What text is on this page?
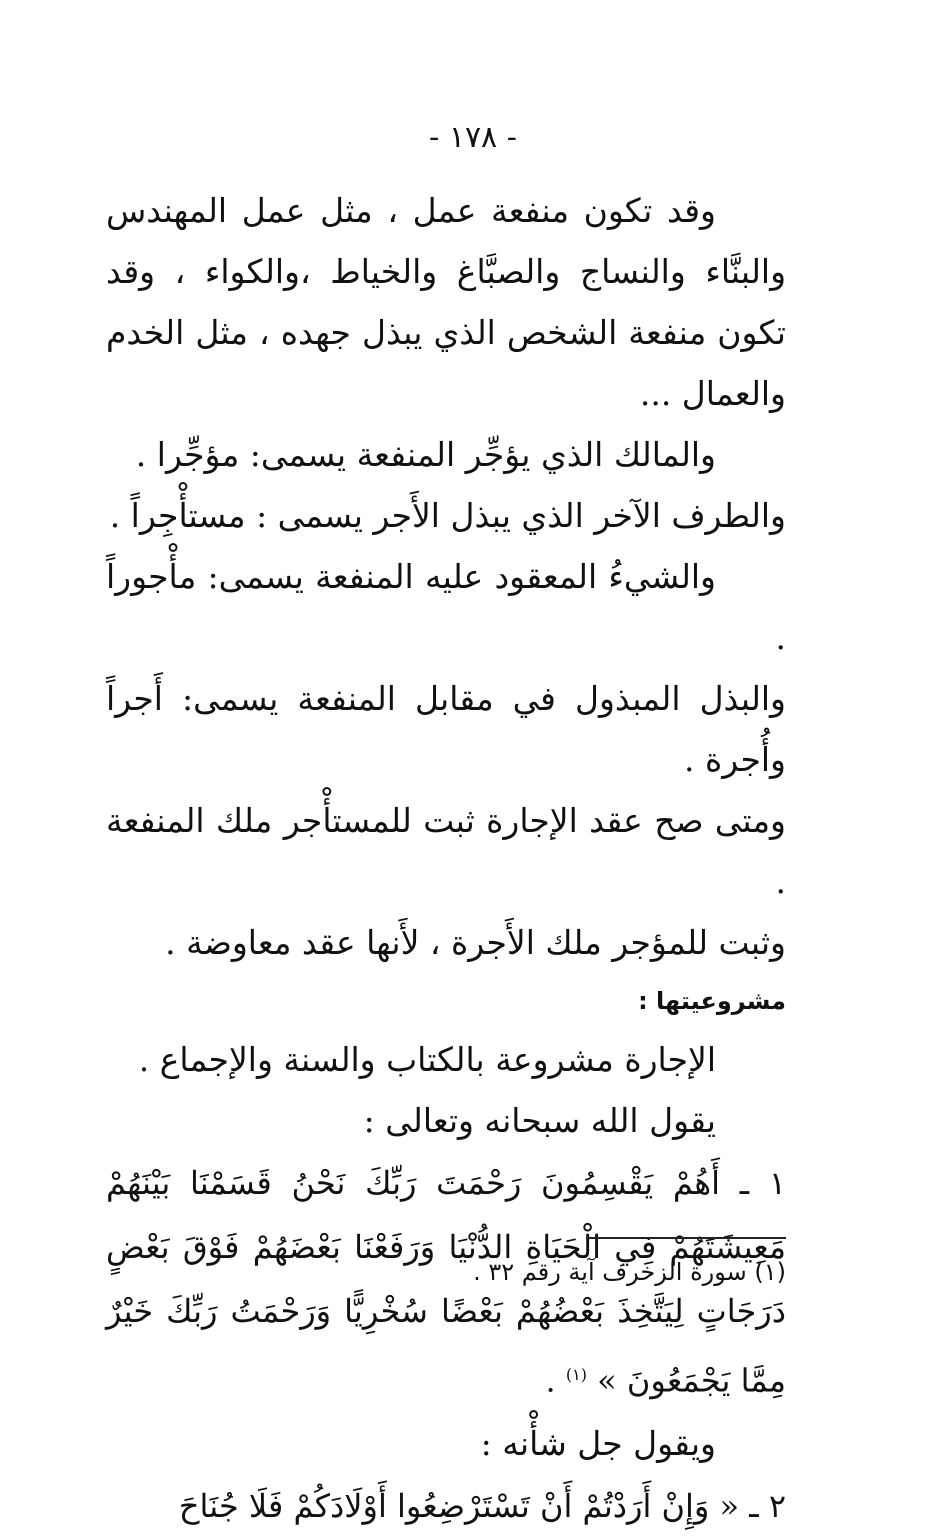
- ١٧٨ -

وقد تكون منفعة عمل ، مثل عمل المهندس والبنَّاء والنساج والصبَّاغ والخياط ،والكواء ، وقد تكون منفعة الشخص الذي يبذل جهده ، مثل الخدم والعمال ...

والمالك الذي يؤجِّر المنفعة يسمى: مؤجِّرا .

والطرف الآخر الذي يبذل الأَجر يسمى : مستأْجِراً .

والشيءُ المعقود عليه المنفعة يسمى: مأْجوراً .

والبذل المبذول في مقابل المنفعة يسمى: أَجراً وأُجرة .

ومتى صح عقد الإجارة ثبت للمستأْجر ملك المنفعة .

وثبت للمؤجر ملك الأَجرة ، لأَنها عقد معاوضة .

مشروعيتها :

الإجارة مشروعة بالكتاب والسنة والإجماع .

يقول الله سبحانه وتعالى :

١ ـ أَهُمْ يَقْسِمُونَ رَحْمَتَ رَبِّكَ نَحْنُ قَسَمْنَا بَيْنَهُمْ مَعِيشَتَهُمْ فِي الْحَيَاةِ الدُّنْيَا وَرَفَعْنَا بَعْضَهُمْ فَوْقَ بَعْضٍ دَرَجَاتٍ لِيَتَّخِذَ بَعْضُهُمْ بَعْضًا سُخْرِيًّا وَرَحْمَتُ رَبِّكَ خَيْرٌ مِمَّا يَجْمَعُونَ » $^{(١)}$ .

ويقول جل شأْنه :

٢ ـ « وَإِنْ أَرَدْتُمْ أَنْ تَسْتَرْضِعُوا أَوْلَادَكُمْ فَلَا جُنَاحَ

(١) سورة الزخرف آية رقم ٣٢ .
